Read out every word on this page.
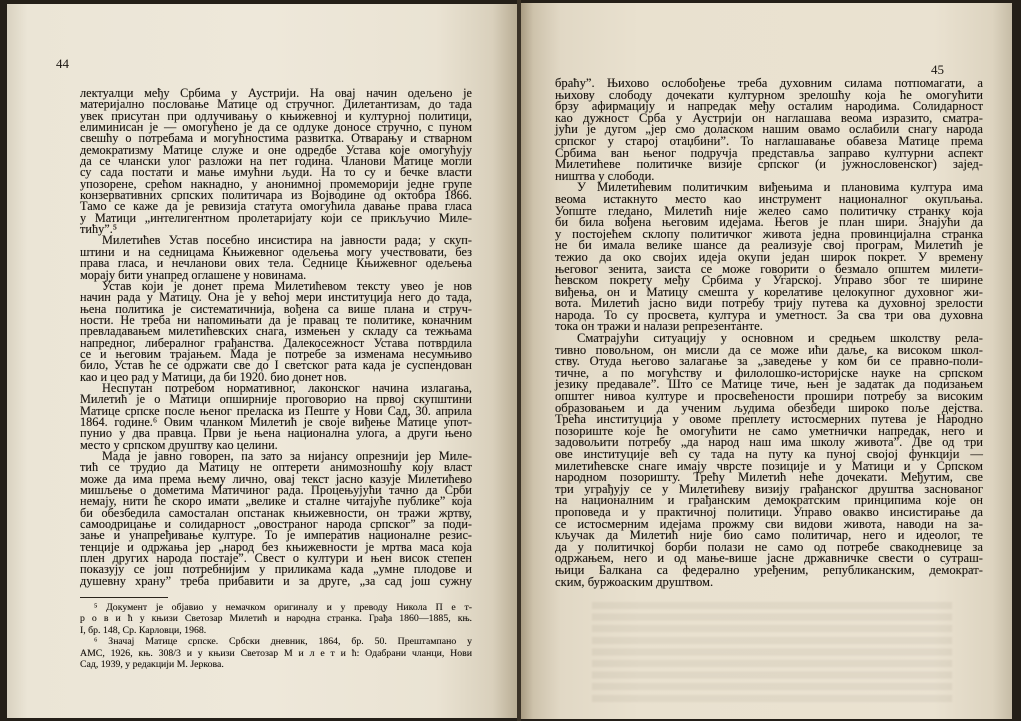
44	45
лектуалци међу Србима у Аустрији. На овај начин одељено је
материјално пословање Матице од стручног. Дилетантизам, до тада
увек присутан при одлучивању о књижевној и културној политици,
елиминисан је — омогућено је да се одлуке доносе стручно, с пуном
свешћу о потребама и могућностима развитка. Отварању и стварном
демократизму Матице служе и оне одредбе Устава које омогућују
да се члански улог разложи на пет година. Чланови Матице могли
су сада постати и мање имућни људи. На то су и бечке власти
упозорене, срећом накнадно, у анонимној промеморији једне групе
конзервативних српских политичара из Војводине од октобра 1866.
Тамо се каже да је ревизија статута омогућила давање права гласа
у Матици „интелигентном пролетаријату који се прикључио Миле-
тићу”.⁵
Милетићев Устав посебно инсистира на јавности рада; у скуп-
штини и на седницама Књижевног одељења могу учествовати, без
права гласа, и нечланови ових тела. Седнице Књижевног одељења
морају бити унапред оглашене у новинама.
Устав који је донет према Милетићевом тексту увео је нов
начин рада у Матицу. Она је у већој мери институција него до тада,
њена политика је систематичнија, вођена са више плана и струч-
ности. Не треба ни напомињати да је правац те политике, коначним
превладавањем милетићевских снага, измењен у складу са тежњама
напредног, либералног грађанства. Далекосежност Устава потврдила
се и његовим трајањем. Мада је потребе за изменама несумњиво
било, Устав ће се одржати све до I светског рата када је суспендован
као и цео рад у Матици, да би 1920. био донет нов.
Неспутан потребом нормативног, лаконског начина излагања,
Милетић је о Матици опширније проговорио на првој скупштини
Матице српске после њеног преласка из Пеште у Нови Сад, 30. априла
1864. године.⁶ Овим чланком Милетић је своје виђење Матице упот-
пунио у два правца. Први је њена национална улога, а други њено
место у српском друштву као целини.
Мада је јавно говорен, па зато за нијансу опрезнији јер Миле-
тић се трудио да Матицу не оптерети анимозношћу коју власт
може да има према њему лично, овај текст јасно казује Милетићево
мишљење о дометима Матичиног рада. Процењујући тачно да Срби
немају, нити ће скоро имати „велике и сталне читајуће публике” која
би обезбедила самосталан опстанак књижевности, он тражи жртву,
самоодрицање и солидарност „овостраног народа српског” за поди-
зање и унапређивање културе. То је императив националне резис-
тенције и одржања јер „народ без књижевности је мртва маса која
плен других народа постаје”. Свест о култури и њен висок степен
показују се још потребнијим у приликама када „умне плодове и
душевну храну” треба прибавити и за друге, „за сад још сужну
⁵ Документ је објавио у немачком оригиналу и у преводу Никола П е т-
р о в и ћ у књизи Светозар Милетић и народна странка. Грађа 1860—1885, књ.
I, бр. 148, Ср. Карловци, 1968.
⁶ Значај Матице српске. Србски дневник, 1864, бр. 50. Прештампано у
АМС, 1926, књ. 308/3 и у књизи Светозар М и л е т и ћ: Одабрани чланци, Нови
Сад, 1939, у редакцији М. Јеркова.
браћу”. Њихово ослобођење треба духовним силама потпомагати, а
њихову слободу дочекати културном зрелошћу која ће омогућити
брзу афирмацију и напредак међу осталим народима. Солидарност
као дужност Срба у Аустрији он наглашава веома изразито, сматра-
јући је дугом „јер смо доласком нашим овамо ослабили снагу народа
српског у старој отаџбини”. То наглашавање обавеза Матице према
Србима ван њеног подручја представља заправо културни аспект
Милетићеве политичке визије српског (и јужнословенског) зајед-
ништва у слободи.
У Милетићевим политичким виђењима и плановима култура има
веома истакнуто место као инструмент националног окупљања.
Уопште гледано, Милетић није желео само политичку странку која
би била вођена његовим идејама. Његов је план шири. Знајући да
у постојећем склопу политичког живота једна провинцијална странка
не би имала велике шансе да реализује свој програм, Милетић је
тежио да око својих идеја окупи један широк покрет. У времену
његовог зенита, заиста се може говорити о безмало општем милети-
ћевском покрету међу Србима у Угарској. Управо због те ширине
виђења, он и Матицу смешта у корелативе целокупног духовног жи-
вота. Милетић јасно види потребу трију путева ка духовној зрелости
народа. То су просвета, култура и уметност. За сва три ова духовна
тока он тражи и налази репрезентанте.
Сматрајући ситуацију у основном и средњем школству рела-
тивно повољном, он мисли да се може ићи даље, ка високом школ-
ству. Отуда његово залагање за „заведење у ком би се правно-поли-
тичне, а по могућству и филолошко-историјске науке на српском
језику предавале”. Што се Матице тиче, њен је задатак да подизањем
општег нивоа културе и просвећености прошири потребу за високим
образовањем и да ученим људима обезбеди широко поље дејства.
Трећа институција у овоме преплету истосмерних путева је Народно
позориште које ће омогућити не само уметнички напредак, него и
задовољити потребу „да народ наш има школу живота”. Две од три
ове институције већ су тада на путу ка пуној својој функцији —
милетићевске снаге имају чврсте позиције и у Матици и у Српском
народном позоришту. Трећу Милетић неће дочекати. Међутим, све
три уграђују се у Милетићеву визију грађанског друштва заснованог
на националним и грађанским демократским принципима које он
проповеда и у практичној политици. Управо овакво инсистирање да
се истосмерним идејама прожму сви видови живота, наводи на за-
кључак да Милетић није био само политичар, него и идеолог, те
да у политичкој борби полази не само од потребе свакодневице за
одржањем, него и од мање-више јасне државничке свести о сутраш-
њици Балкана са федерално уређеним, републиканским, демократ-
ским, буржоаским друштвом.
